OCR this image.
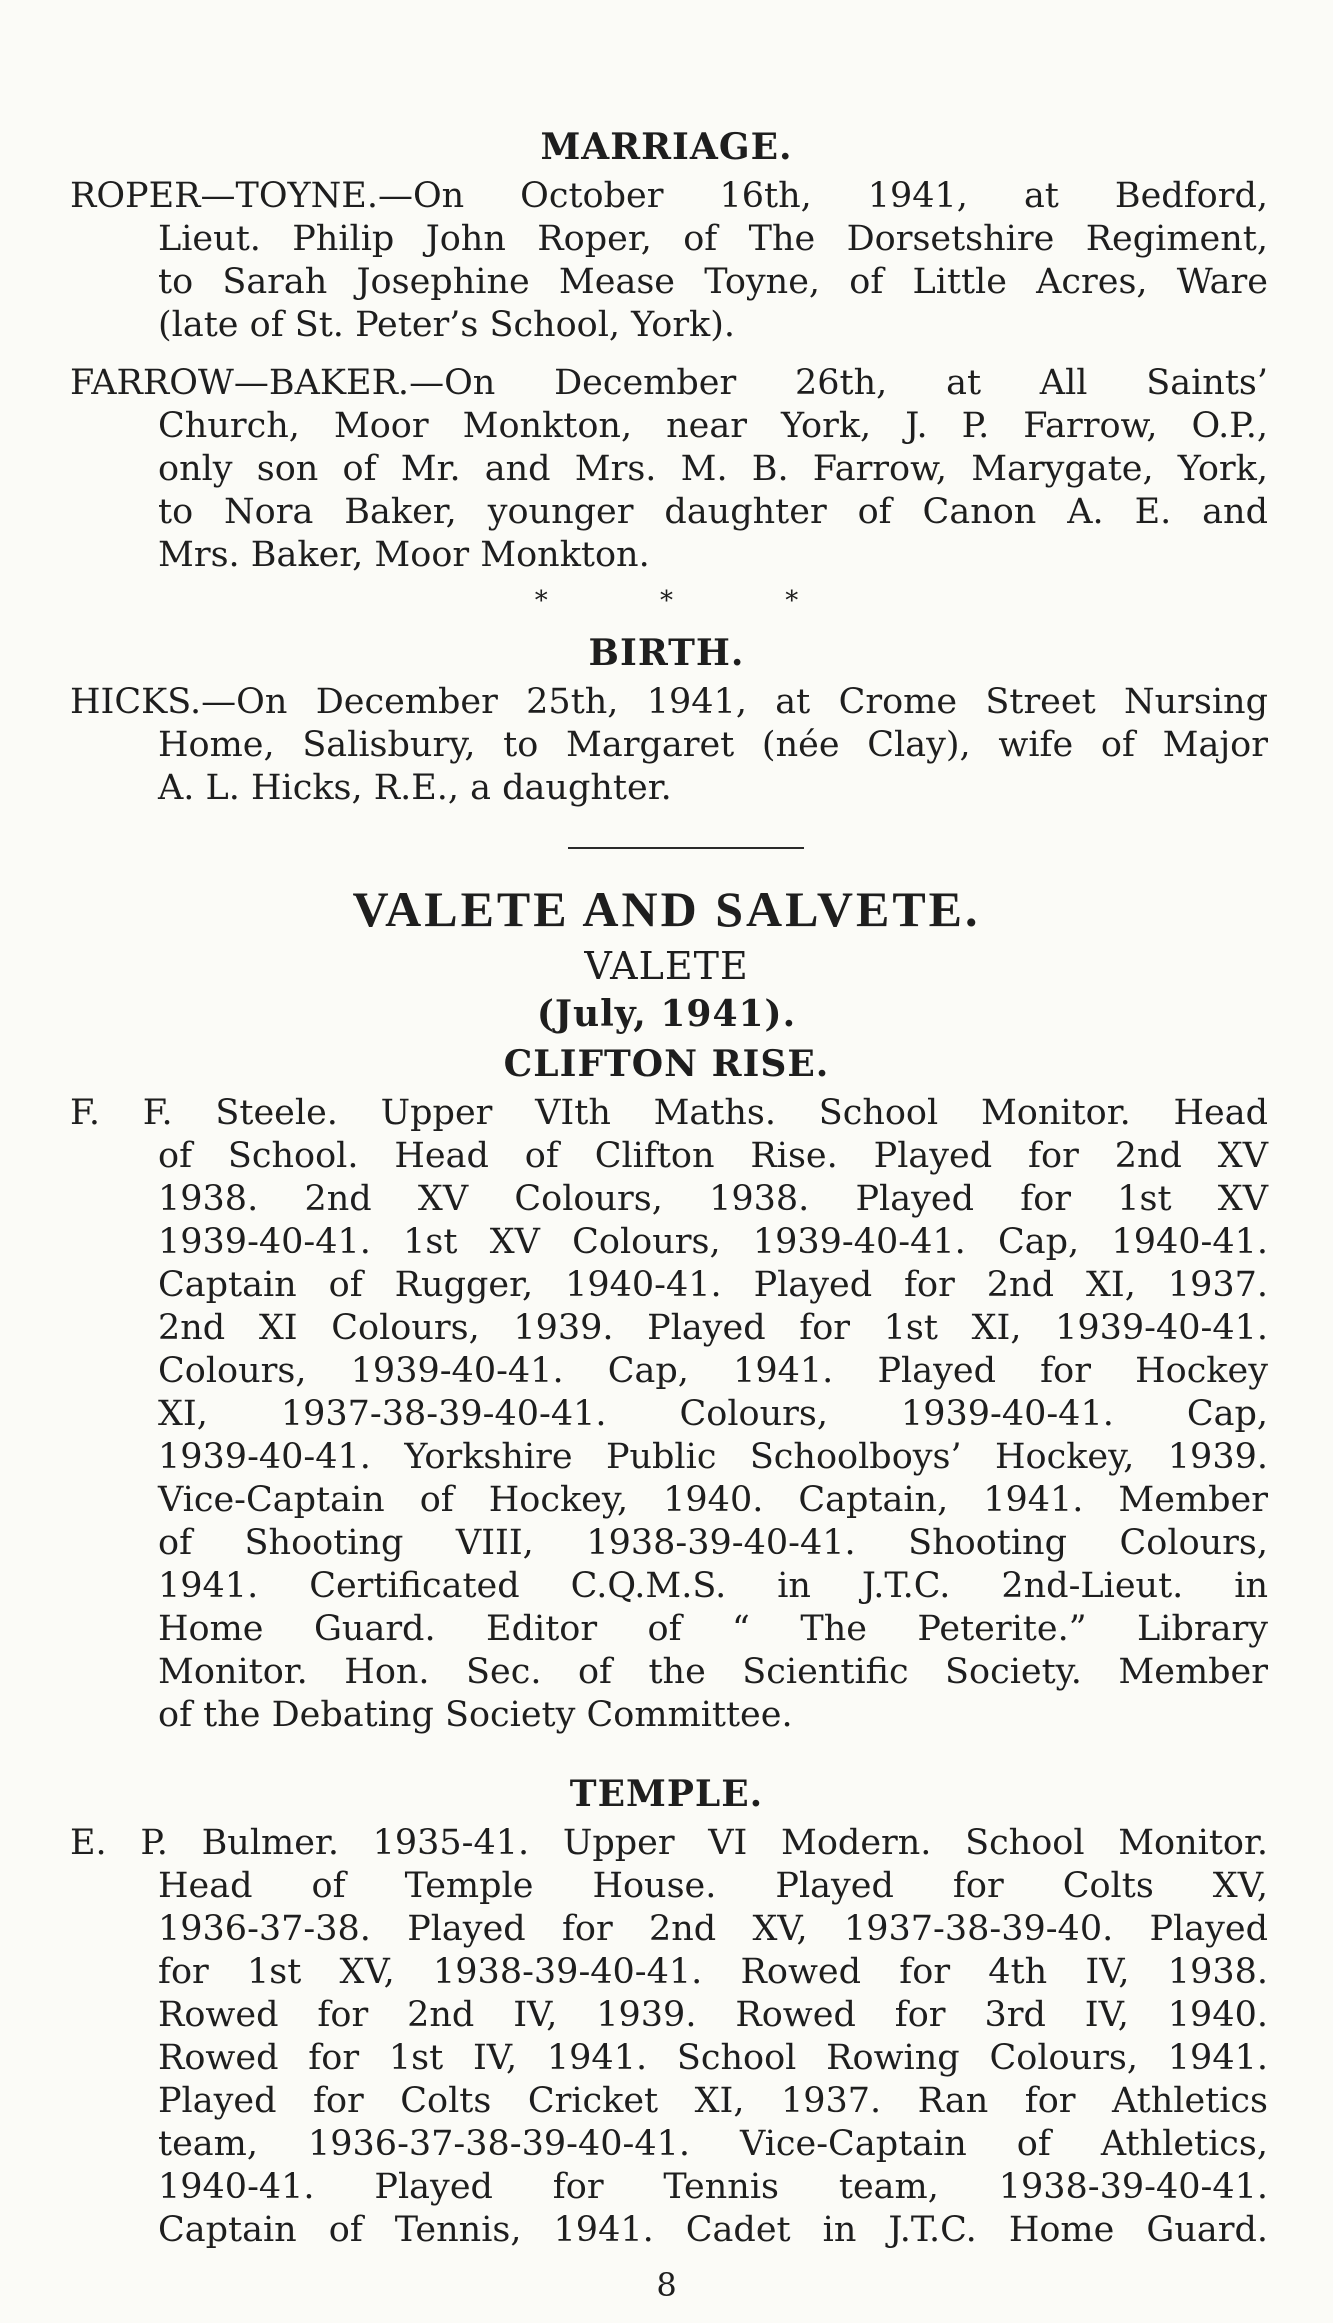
MARRIAGE.
ROPER—TOYNE.—On October 16th, 1941, at Bedford,
Lieut. Philip John Roper, of The Dorsetshire Regiment,
to Sarah Josephine Mease Toyne, of Little Acres, Ware
(late of St. Peter’s School, York).
FARROW—BAKER.—On December 26th, at All Saints’
Church, Moor Monkton, near York, J. P. Farrow, O.P.,
only son of Mr. and Mrs. M. B. Farrow, Marygate, York,
to Nora Baker, younger daughter of Canon A. E. and
Mrs. Baker, Moor Monkton.
* * *
BIRTH.
HICKS.—On December 25th, 1941, at Crome Street Nursing
Home, Salisbury, to Margaret (née Clay), wife of Major
A. L. Hicks, R.E., a daughter.
VALETE AND SALVETE.
VALETE
(July, 1941).
CLIFTON RISE.
F. F. Steele. Upper VIth Maths. School Monitor. Head
of School. Head of Clifton Rise. Played for 2nd XV
1938. 2nd XV Colours, 1938. Played for 1st XV
1939-40-41. 1st XV Colours, 1939-40-41. Cap, 1940-41.
Captain of Rugger, 1940-41. Played for 2nd XI, 1937.
2nd XI Colours, 1939. Played for 1st XI, 1939-40-41.
Colours, 1939-40-41. Cap, 1941. Played for Hockey
XI, 1937-38-39-40-41. Colours, 1939-40-41. Cap,
1939-40-41. Yorkshire Public Schoolboys’ Hockey, 1939.
Vice-Captain of Hockey, 1940. Captain, 1941. Member
of Shooting VIII, 1938-39-40-41. Shooting Colours,
1941. Certificated C.Q.M.S. in J.T.C. 2nd-Lieut. in
Home Guard. Editor of “ The Peterite.” Library
Monitor. Hon. Sec. of the Scientific Society. Member
of the Debating Society Committee.
TEMPLE.
E. P. Bulmer. 1935-41. Upper VI Modern. School Monitor.
Head of Temple House. Played for Colts XV,
1936-37-38. Played for 2nd XV, 1937-38-39-40. Played
for 1st XV, 1938-39-40-41. Rowed for 4th IV, 1938.
Rowed for 2nd IV, 1939. Rowed for 3rd IV, 1940.
Rowed for 1st IV, 1941. School Rowing Colours, 1941.
Played for Colts Cricket XI, 1937. Ran for Athletics
team, 1936-37-38-39-40-41. Vice-Captain of Athletics,
1940-41. Played for Tennis team, 1938-39-40-41.
Captain of Tennis, 1941. Cadet in J.T.C. Home Guard.
8
